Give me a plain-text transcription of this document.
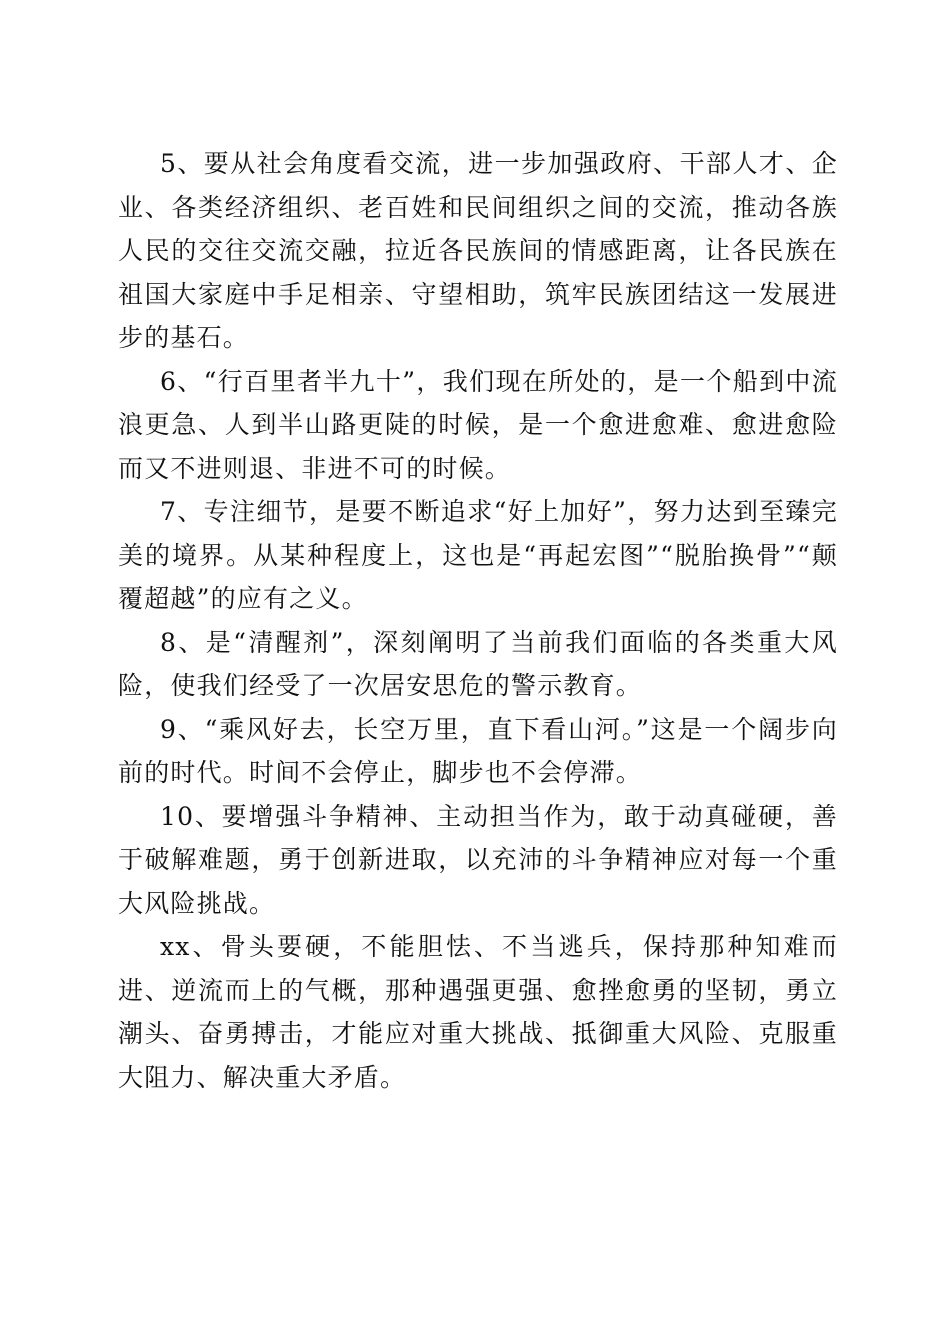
5、要从社会角度看交流，进一步加强政府、干部人才、企业、各类经济组织、老百姓和民间组织之间的交流，推动各族人民的交往交流交融，拉近各民族间的情感距离，让各民族在祖国大家庭中手足相亲、守望相助，筑牢民族团结这一发展进步的基石。

6、“行百里者半九十”，我们现在所处的，是一个船到中流浪更急、人到半山路更陡的时候，是一个愈进愈难、愈进愈险而又不进则退、非进不可的时候。

7、专注细节，是要不断追求“好上加好”，努力达到至臻完美的境界。从某种程度上，这也是“再起宏图”“脱胎换骨”“颠覆超越”的应有之义。

8、是“清醒剂”，深刻阐明了当前我们面临的各类重大风险，使我们经受了一次居安思危的警示教育。

9、“乘风好去，长空万里，直下看山河。”这是一个阔步向前的时代。时间不会停止，脚步也不会停滞。

10、要增强斗争精神、主动担当作为，敢于动真碰硬，善于破解难题，勇于创新进取，以充沛的斗争精神应对每一个重大风险挑战。

xx、骨头要硬，不能胆怯、不当逃兵，保持那种知难而进、逆流而上的气概，那种遇强更强、愈挫愈勇的坚韧，勇立潮头、奋勇搏击，才能应对重大挑战、抵御重大风险、克服重大阻力、解决重大矛盾。
